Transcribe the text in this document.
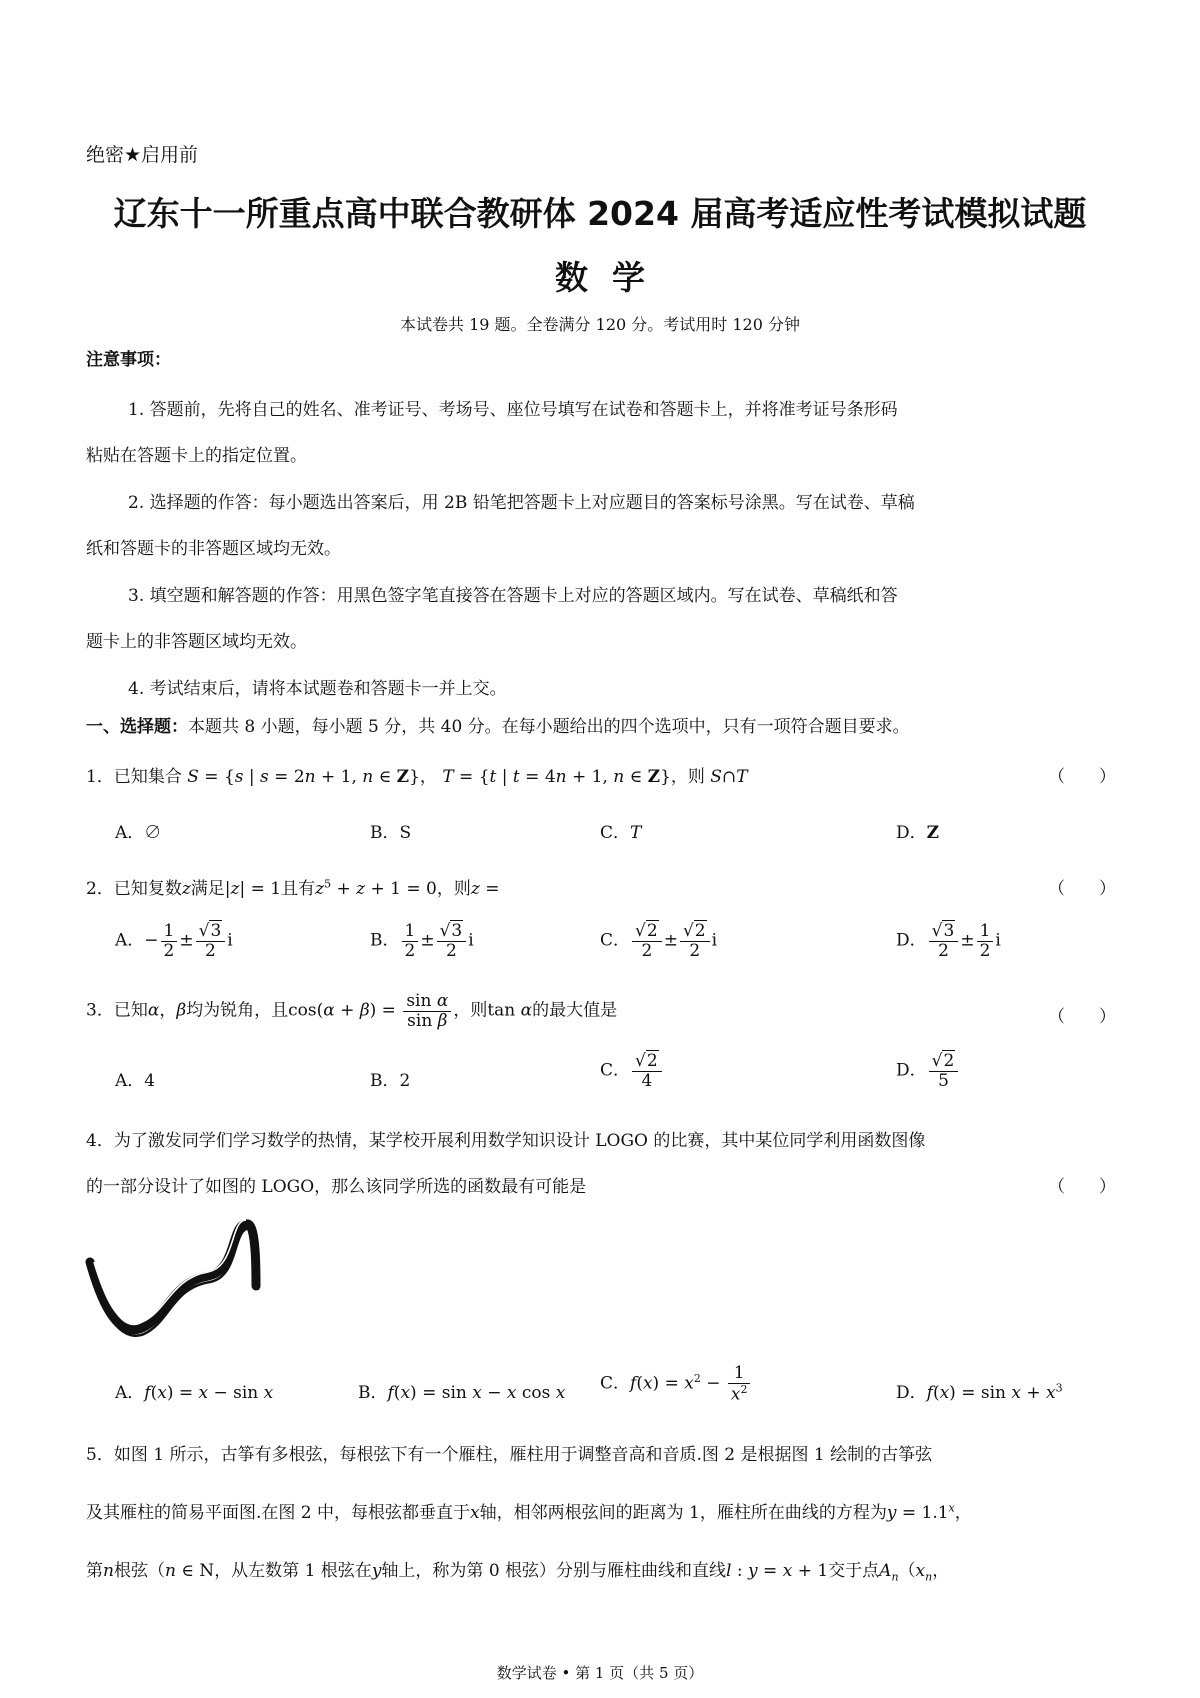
绝密★启用前
辽东十一所重点高中联合教研体 2024 届高考适应性考试模拟试题
数学
本试卷共 19 题。全卷满分 120 分。考试用时 120 分钟
注意事项：
1. 答题前，先将自己的姓名、准考证号、考场号、座位号填写在试卷和答题卡上，并将准考证号条形码
粘贴在答题卡上的指定位置。
2. 选择题的作答：每小题选出答案后，用 2B 铅笔把答题卡上对应题目的答案标号涂黑。写在试卷、草稿
纸和答题卡的非答题区域均无效。
3. 填空题和解答题的作答：用黑色签字笔直接答在答题卡上对应的答题区域内。写在试卷、草稿纸和答
题卡上的非答题区域均无效。
4. 考试结束后，请将本试题卷和答题卡一并上交。
一、选择题：本题共 8 小题，每小题 5 分，共 40 分。在每小题给出的四个选项中，只有一项符合题目要求。
1．已知集合 S = {s | s = 2n + 1, n ∈ Z}， T = {t | t = 4n + 1, n ∈ Z}，则 S∩T	（　　）
A．∅	B．S	C．T	D．Z
2．已知复数z满足|z| = 1且有$z^5 + z + 1 = 0$，则z =	（　　）
A．− $\frac{1}{2} \pm \frac{√3}{2}$ i	B． $\frac{1}{2} \pm \frac{√3}{2}$ i	C． $\frac{√2}{2} \pm \frac{√2}{2}$ i	D． $\frac{√3}{2} \pm \frac{1}{2}$ i
3．已知α，β均为锐角，且$\cos(\alpha + \beta) = \frac{\text{sin α}}{\text{sin β}}$ ，则tan α的最大值是	（　　）
A．4	B．2
C． $\frac{√2}{4}$	D． $\frac{√2}{5}$
4．为了激发同学们学习数学的热情，某学校开展利用数学知识设计 LOGO 的比赛，其中某位同学利用函数图像
的一部分设计了如图的 LOGO，那么该同学所选的函数最有可能是	（　　）
A．f(x) = x − sin x	B．f(x) = sin x − x cos x C．$f(x) = x^2 - \frac{1}{x^2}$	D．$f(x) = \sin x + x^3$
5．如图 1 所示，古筝有多根弦，每根弦下有一个雁柱，雁柱用于调整音高和音质.图 2 是根据图 1 绘制的古筝弦
及其雁柱的简易平面图.在图 2 中，每根弦都垂直于x轴，相邻两根弦间的距离为 1，雁柱所在曲线的方程为$y = 1.1^x$，
第n根弦（n ∈ N，从左数第 1 根弦在y轴上，称为第 0 根弦）分别与雁柱曲线和直线l : y = x + 1交于点$A_n(x_n$，
数学试卷 • 第 1 页（共 5 页）
